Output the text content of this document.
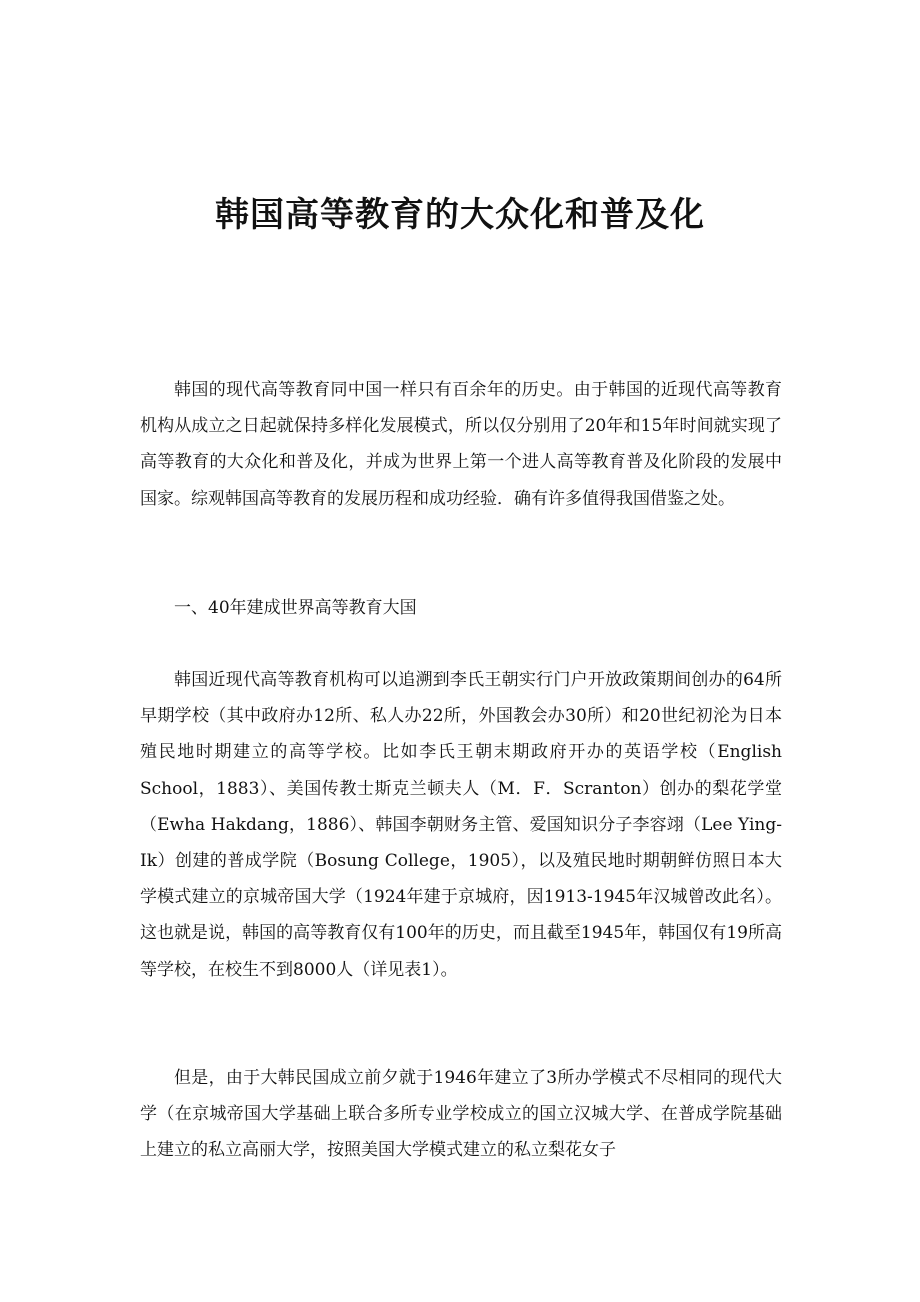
韩国高等教育的大众化和普及化

韩国的现代高等教育同中国一样只有百余年的历史。由于韩国的近现代高等教育机构从成立之日起就保持多样化发展模式，所以仅分别用了20年和15年时间就实现了高等教育的大众化和普及化，并成为世界上第一个进人高等教育普及化阶段的发展中国家。综观韩国高等教育的发展历程和成功经验．确有许多值得我国借鉴之处。

一、40年建成世界高等教育大国

韩国近现代高等教育机构可以追溯到李氏王朝实行门户开放政策期间创办的64所早期学校（其中政府办12所、私人办22所，外国教会办30所）和20世纪初沦为日本殖民地时期建立的高等学校。比如李氏王朝末期政府开办的英语学校（English School，1883）、美国传教士斯克兰顿夫人（M．F．Scranton）创办的梨花学堂（Ewha Hakdang，1886）、韩国李朝财务主管、爱国知识分子李容翊（Lee Ying-Ik）创建的普成学院（Bosung College，1905），以及殖民地时期朝鲜仿照日本大学模式建立的京城帝国大学（1924年建于京城府，因1913-1945年汉城曾改此名）。这也就是说，韩国的高等教育仅有100年的历史，而且截至1945年，韩国仅有19所高等学校，在校生不到8000人（详见表1）。

但是，由于大韩民国成立前夕就于1946年建立了3所办学模式不尽相同的现代大学（在京城帝国大学基础上联合多所专业学校成立的国立汉城大学、在普成学院基础上建立的私立高丽大学，按照美国大学模式建立的私立梨花女子
